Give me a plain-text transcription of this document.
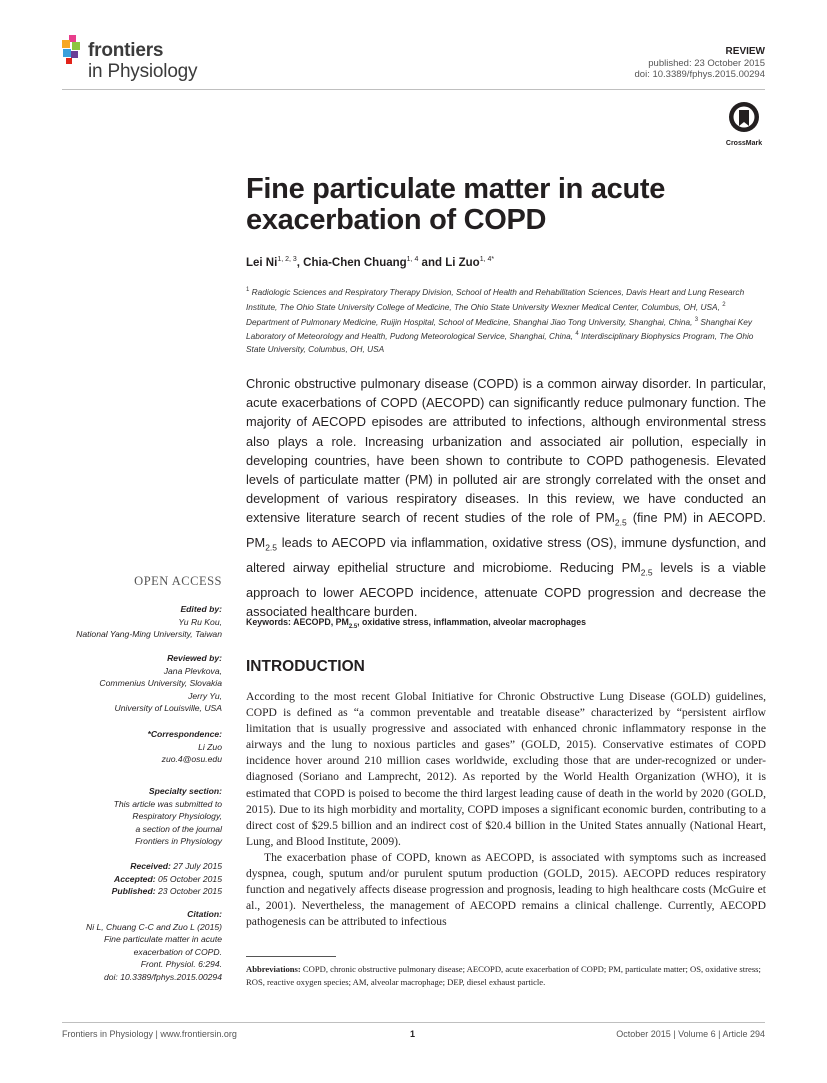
frontiers
in Physiology
REVIEW
published: 23 October 2015
doi: 10.3389/fphys.2015.00294
CrossMark
Fine particulate matter in acute exacerbation of COPD
Lei Ni$^{1, 2, 3}$, Chia-Chen Chuang$^{1, 4}$ and Li Zuo$^{1, 4*}$
$^1$ Radiologic Sciences and Respiratory Therapy Division, School of Health and Rehabilitation Sciences, Davis Heart and Lung Research Institute, The Ohio State University College of Medicine, The Ohio State University Wexner Medical Center, Columbus, OH, USA, $^2$ Department of Pulmonary Medicine, Ruijin Hospital, School of Medicine, Shanghai Jiao Tong University, Shanghai, China, $^3$ Shanghai Key Laboratory of Meteorology and Health, Pudong Meteorological Service, Shanghai, China, $^4$ Interdisciplinary Biophysics Program, The Ohio State University, Columbus, OH, USA
Chronic obstructive pulmonary disease (COPD) is a common airway disorder. In particular, acute exacerbations of COPD (AECOPD) can significantly reduce pulmonary function. The majority of AECOPD episodes are attributed to infections, although environmental stress also plays a role. Increasing urbanization and associated air pollution, especially in developing countries, have been shown to contribute to COPD pathogenesis. Elevated levels of particulate matter (PM) in polluted air are strongly correlated with the onset and development of various respiratory diseases. In this review, we have conducted an extensive literature search of recent studies of the role of $PM_{2.5}$ (fine PM) in AECOPD. $PM_{2.5}$ leads to AECOPD via inflammation, oxidative stress (OS), immune dysfunction, and altered airway epithelial structure and microbiome. Reducing $PM_{2.5}$ levels is a viable approach to lower AECOPD incidence, attenuate COPD progression and decrease the associated healthcare burden.
Keywords: AECOPD, $PM_{2.5}$, oxidative stress, inflammation, alveolar macrophages
OPEN ACCESS
Edited by:
Yu Ru Kou,
National Yang-Ming University, Taiwan
Reviewed by:
Jana Plevkova,
Commenius University, Slovakia
Jerry Yu,
University of Louisville, USA
*Correspondence:
Li Zuo
zuo.4@osu.edu
Specialty section:
This article was submitted to
Respiratory Physiology,
a section of the journal
Frontiers in Physiology
Received: 27 July 2015
Accepted: 05 October 2015
Published: 23 October 2015
Citation:
Ni L, Chuang C-C and Zuo L (2015)
Fine particulate matter in acute
exacerbation of COPD.
Front. Physiol. 6:294.
doi: 10.3389/fphys.2015.00294
INTRODUCTION

According to the most recent Global Initiative for Chronic Obstructive Lung Disease (GOLD) guidelines, COPD is defined as “a common preventable and treatable disease” characterized by “persistent airflow limitation that is usually progressive and associated with enhanced chronic inflammatory response in the airways and the lung to noxious particles and gases” (GOLD, 2015). Conservative estimates of COPD incidence hover around 210 million cases worldwide, excluding those that are under-recognized or under-diagnosed (Soriano and Lamprecht, 2012). As reported by the World Health Organization (WHO), it is estimated that COPD is poised to become the third largest leading cause of death in the world by 2020 (GOLD, 2015). Due to its high morbidity and mortality, COPD imposes a significant economic burden, contributing to a direct cost of $29.5 billion and an indirect cost of $20.4 billion in the United States annually (National Heart, Lung, and Blood Institute, 2009).

The exacerbation phase of COPD, known as AECOPD, is associated with symptoms such as increased dyspnea, cough, sputum and/or purulent sputum production (GOLD, 2015). AECOPD reduces respiratory function and negatively affects disease progression and prognosis, leading to high healthcare costs (McGuire et al., 2001). Nevertheless, the management of AECOPD remains a clinical challenge. Currently, AECOPD pathogenesis can be attributed to infectious

Abbreviations: COPD, chronic obstructive pulmonary disease; AECOPD, acute exacerbation of COPD; PM, particulate matter; OS, oxidative stress; ROS, reactive oxygen species; AM, alveolar macrophage; DEP, diesel exhaust particle.
Frontiers in Physiology | www.frontiersin.org	1	October 2015 | Volume 6 | Article 294
